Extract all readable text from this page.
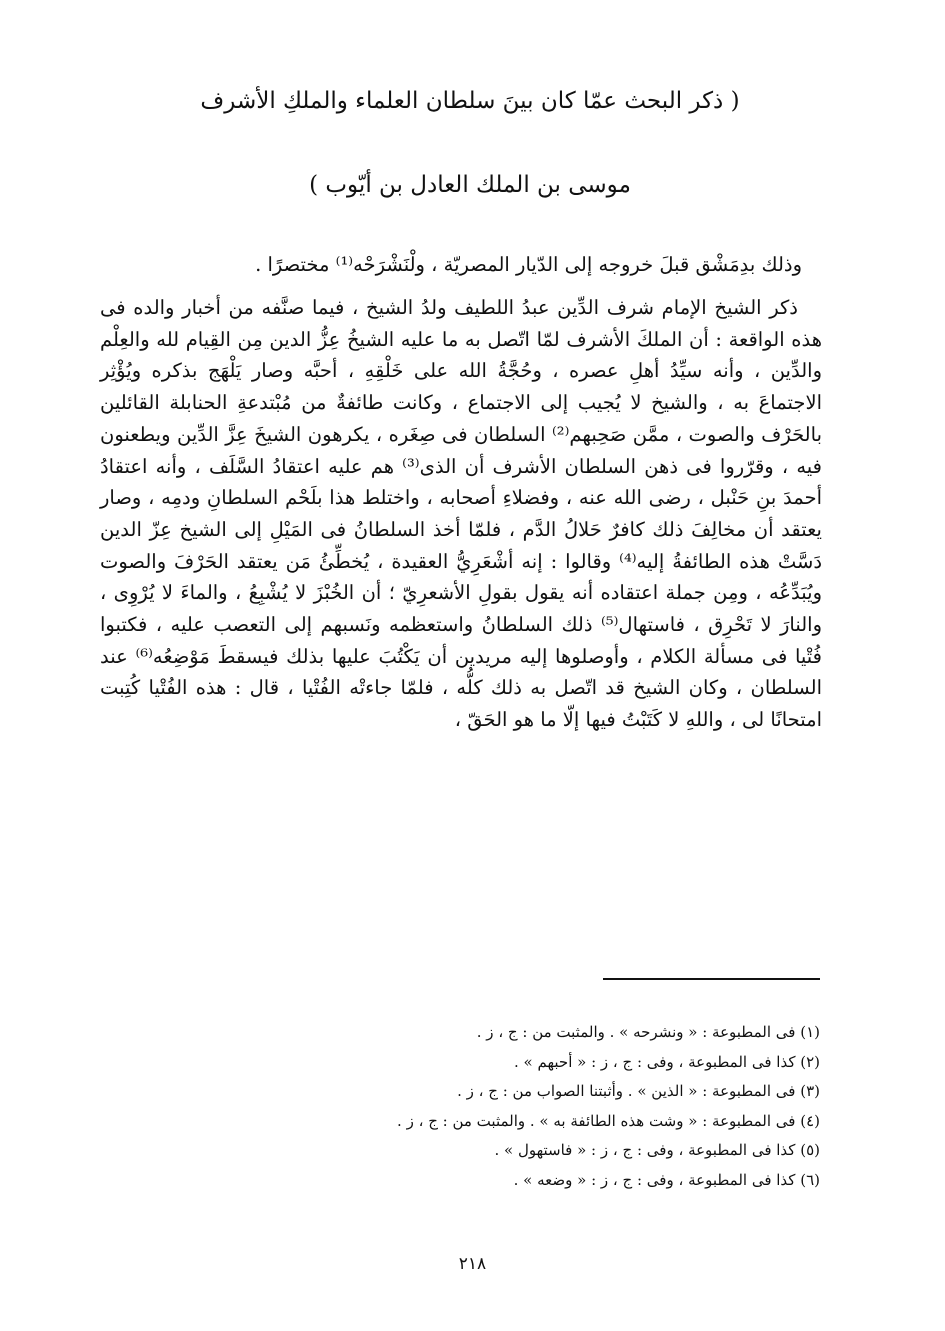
( ذكر البحث عمّا كان بينَ سلطان العلماء والملكِ الأشرف
موسى بن الملك العادل بن أيّوب )

وذلك بدِمَشْق قبلَ خروجه إلى الدّيار المصريّة ، ولْنَشْرَحْه⁽¹⁾ مختصرًا .

ذكر الشيخ الإمام شرف الدِّين عبدُ اللطيف ولدُ الشيخ ، فيما صنَّفه من أخبار والده فى هذه الواقعة : أن الملكَ الأشرف لمّا اتّصل به ما عليه الشيخُ عِزُّ الدين مِن القِيام لله والعِلْم والدِّين ، وأنه سيِّدُ أهلِ عصره ، وحُجَّةُ الله على خَلْقِهِ ، أحبَّه وصار يَلْهَج بذكره ويُؤْثِر الاجتماعَ به ، والشيخ لا يُجيب إلى الاجتماع ، وكانت طائفةٌ من مُبْتدعةِ الحنابلة القائلين بالحَرْف والصوت ، ممَّن صَحِبهم⁽²⁾ السلطان فى صِغَره ، يكرهون الشيخَ عِزَّ الدِّين ويطعنون فيه ، وقرّروا فى ذهن السلطان الأشرف أن الذى⁽³⁾ هم عليه اعتقادُ السَّلَف ، وأنه اعتقادُ أحمدَ بنِ حَنْبل ، رضى الله عنه ، وفضلاءِ أصحابه ، واختلط هذا بلَحْم السلطانِ ودمِه ، وصار يعتقد أن مخالِفَ ذلك كافرٌ حَلالُ الدَّم ، فلمّا أخذ السلطانُ فى المَيْلِ إلى الشيخ عِزّ الدين دَسَّتْ هذه الطائفةُ إليه⁽⁴⁾ وقالوا : إنه أشْعَرِيُّ العقيدة ، يُخطِّئُ مَن يعتقد الحَرْفَ والصوت ويُبَدِّعُه ، ومِن جملة اعتقاده أنه يقول بقولِ الأشعرِيّ ؛ أن الخُبْزَ لا يُشْبِعُ ، والماءَ لا يُرْوِى ، والنارَ لا تَحْرِق ، فاستهال⁽⁵⁾ ذلك السلطانُ واستعظمه ونَسبهم إلى التعصب عليه ، فكتبوا فُتْيا فى مسألة الكلام ، وأوصلوها إليه مريدين أن يَكْتُبَ عليها بذلك فيسقطَ مَوْضِعُه⁽⁶⁾ عند السلطان ، وكان الشيخ قد اتّصل به ذلك كلُّه ، فلمّا جاءتْه الفُتْيا ، قال : هذه الفُتْيا كُتِبت امتحانًا لى ، واللهِ لا كَتَبْتُ فيها إلّا ما هو الحَقّ ،

(١) فى المطبوعة : « ونشرحه » . والمثبت من : ج ، ز .
(٢) كذا فى المطبوعة ، وفى : ج ، ز : « أحبهم » .
(٣) فى المطبوعة : « الذين » . وأثبتنا الصواب من : ج ، ز .
(٤) فى المطبوعة : « وشت هذه الطائفة به » . والمثبت من : ج ، ز .
(٥) كذا فى المطبوعة ، وفى : ج ، ز : « فاستهول » .
(٦) كذا فى المطبوعة ، وفى : ج ، ز : « وضعه » .
٢١٨
